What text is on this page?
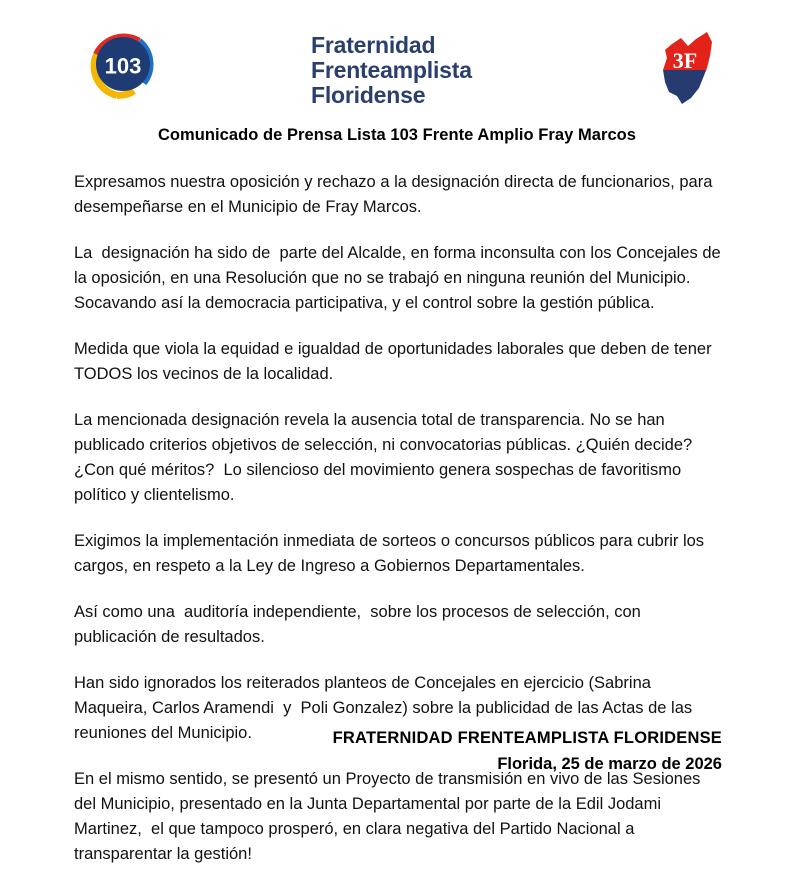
103
Fraternidad
Frenteamplista
Floridense
3F
Comunicado de Prensa Lista 103 Frente Amplio Fray Marcos

Expresamos nuestra oposición y rechazo a la designación directa de funcionarios, para desempeñarse en el Municipio de Fray Marcos.

La  designación ha sido de  parte del Alcalde, en forma inconsulta con los Concejales de la oposición, en una Resolución que no se trabajó en ninguna reunión del Municipio. Socavando así la democracia participativa, y el control sobre la gestión pública.

Medida que viola la equidad e igualdad de oportunidades laborales que deben de tener TODOS los vecinos de la localidad.

La mencionada designación revela la ausencia total de transparencia. No se han publicado criterios objetivos de selección, ni convocatorias públicas. ¿Quién decide? ¿Con qué méritos?  Lo silencioso del movimiento genera sospechas de favoritismo político y clientelismo.

Exigimos la implementación inmediata de sorteos o concursos públicos para cubrir los cargos, en respeto a la Ley de Ingreso a Gobiernos Departamentales.

Así como una  auditoría independiente,  sobre los procesos de selección, con publicación de resultados.

Han sido ignorados los reiterados planteos de Concejales en ejercicio (Sabrina Maqueira, Carlos Aramendi  y  Poli Gonzalez) sobre la publicidad de las Actas de las reuniones del Municipio.

En el mismo sentido, se presentó un Proyecto de transmisión en vivo de las Sesiones del Municipio, presentado en la Junta Departamental por parte de la Edil Jodami Martinez,  el que tampoco prosperó, en clara negativa del Partido Nacional a transparentar la gestión!

FRATERNIDAD FRENTEAMPLISTA FLORIDENSE
Florida, 25 de marzo de 2026
